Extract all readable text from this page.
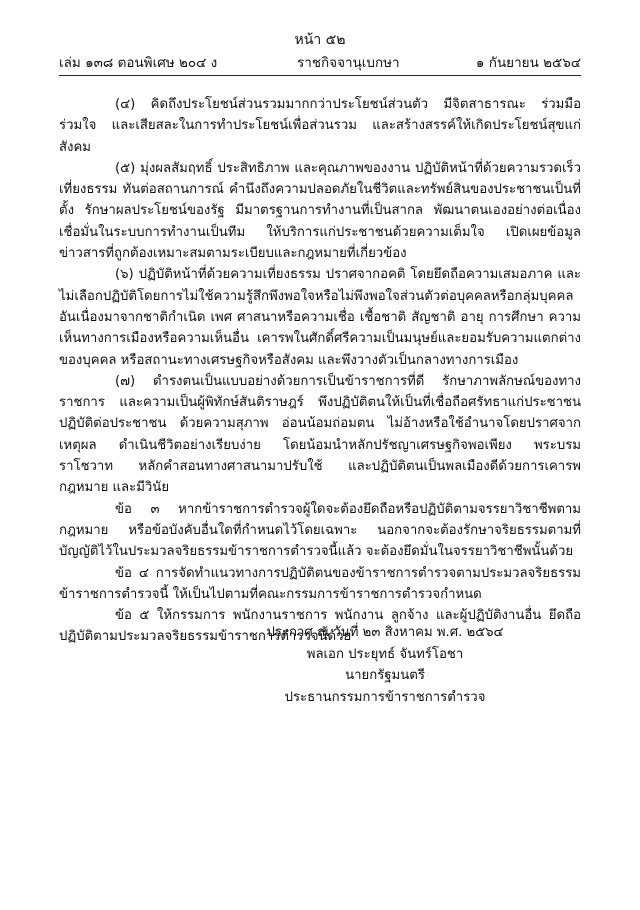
หน้า ๕๒
เล่ม ๑๓๘ ตอนพิเศษ ๒๐๔ ง	ราชกิจจานุเบกษา	๑ กันยายน ๒๕๖๔

(๔) คิดถึงประโยชน์ส่วนรวมมากกว่าประโยชน์ส่วนตัว มีจิตสาธารณะ ร่วมมือ ร่วมใจ และเสียสละในการทำประโยชน์เพื่อส่วนรวม และสร้างสรรค์ให้เกิดประโยชน์สุขแก่สังคม

(๕) มุ่งผลสัมฤทธิ์ ประสิทธิภาพ และคุณภาพของงาน ปฏิบัติหน้าที่ด้วยความรวดเร็ว เที่ยงธรรม ทันต่อสถานการณ์ คำนึงถึงความปลอดภัยในชีวิตและทรัพย์สินของประชาชนเป็นที่ตั้ง รักษาผลประโยชน์ของรัฐ มีมาตรฐานการทำงานที่เป็นสากล พัฒนาตนเองอย่างต่อเนื่อง เชื่อมั่นในระบบการทำงานเป็นทีม ให้บริการแก่ประชาชนด้วยความเต็มใจ เปิดเผยข้อมูลข่าวสารที่ถูกต้องเหมาะสมตามระเบียบและกฎหมายที่เกี่ยวข้อง

(๖) ปฏิบัติหน้าที่ด้วยความเที่ยงธรรม ปราศจากอคติ โดยยึดถือความเสมอภาค และไม่เลือกปฏิบัติโดยการไม่ใช้ความรู้สึกพึงพอใจหรือไม่พึงพอใจส่วนตัวต่อบุคคลหรือกลุ่มบุคคล อันเนื่องมาจากชาติกำเนิด เพศ ศาสนาหรือความเชื่อ เชื้อชาติ สัญชาติ อายุ การศึกษา ความเห็นทางการเมืองหรือความเห็นอื่น เคารพในศักดิ์ศรีความเป็นมนุษย์และยอมรับความแตกต่างของบุคคล หรือสถานะทางเศรษฐกิจหรือสังคม และพึงวางตัวเป็นกลางทางการเมือง

(๗) ดำรงตนเป็นแบบอย่างด้วยการเป็นข้าราชการที่ดี รักษาภาพลักษณ์ของทางราชการ และความเป็นผู้พิทักษ์สันติราษฎร์ พึงปฏิบัติตนให้เป็นที่เชื่อถือศรัทธาแก่ประชาชน ปฏิบัติต่อประชาชน ด้วยความสุภาพ อ่อนน้อมถ่อมตน ไม่อ้างหรือใช้อำนาจโดยปราศจากเหตุผล ดำเนินชีวิตอย่างเรียบง่าย โดยน้อมนำหลักปรัชญาเศรษฐกิจพอเพียง พระบรมราโชวาท หลักคำสอนทางศาสนามาปรับใช้ และปฏิบัติตนเป็นพลเมืองดีด้วยการเคารพกฎหมาย และมีวินัย

ข้อ ๓ หากข้าราชการตำรวจผู้ใดจะต้องยึดถือหรือปฏิบัติตามจรรยาวิชาชีพตามกฎหมาย หรือข้อบังคับอื่นใดที่กำหนดไว้โดยเฉพาะ นอกจากจะต้องรักษาจริยธรรมตามที่บัญญัติไว้ในประมวลจริยธรรมข้าราชการตำรวจนี้แล้ว จะต้องยึดมั่นในจรรยาวิชาชีพนั้นด้วย

ข้อ ๔ การจัดทำแนวทางการปฏิบัติตนของข้าราชการตำรวจตามประมวลจริยธรรม ข้าราชการตำรวจนี้ ให้เป็นไปตามที่คณะกรรมการข้าราชการตำรวจกำหนด

ข้อ ๕ ให้กรรมการ พนักงานราชการ พนักงาน ลูกจ้าง และผู้ปฏิบัติงานอื่น ยึดถือปฏิบัติตามประมวลจริยธรรมข้าราชการตำรวจนี้ด้วย

ประกาศ ณ วันที่ ๒๓ สิงหาคม พ.ศ. ๒๕๖๔
พลเอก ประยุทธ์ จันทร์โอชา
นายกรัฐมนตรี
ประธานกรรมการข้าราชการตำรวจ
